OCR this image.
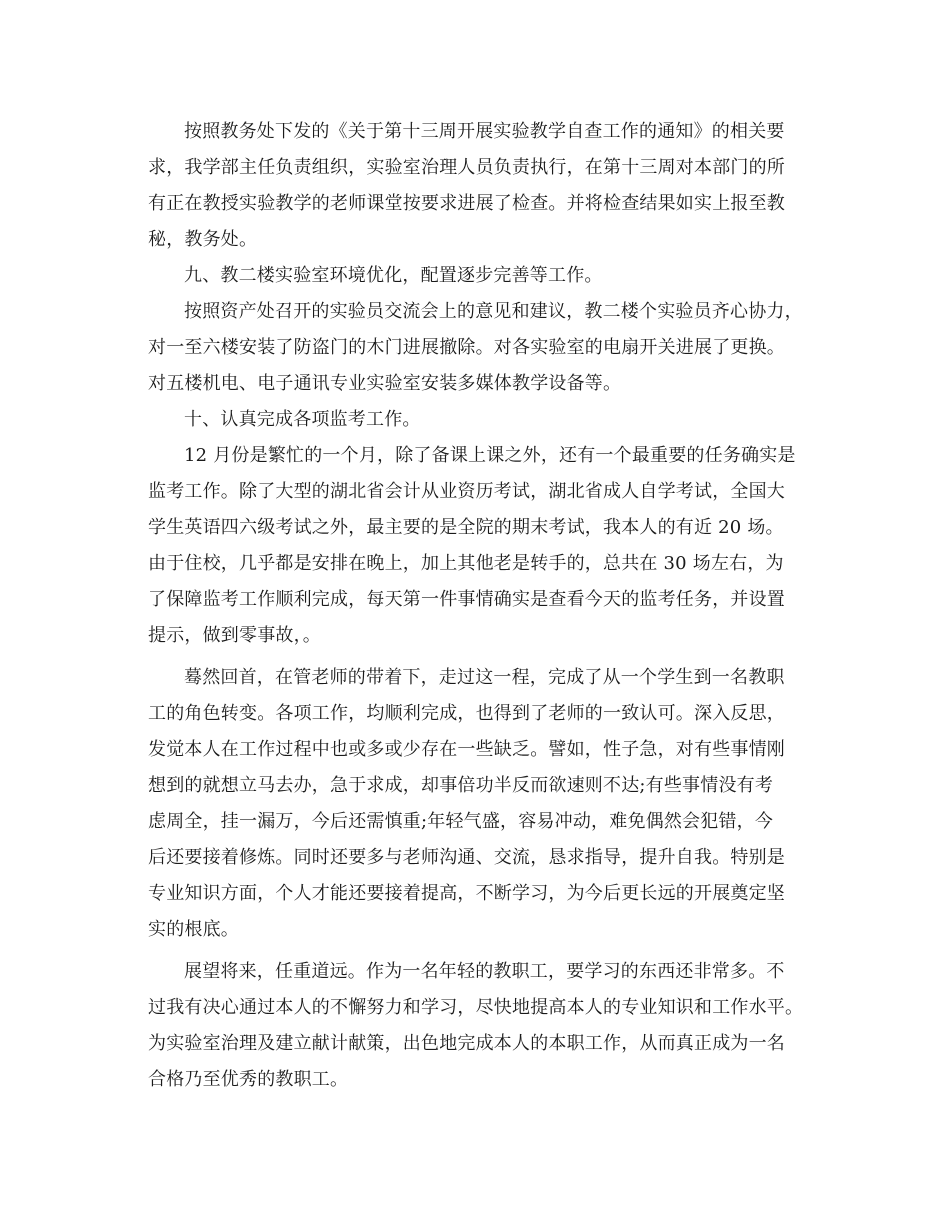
按照教务处下发的《关于第十三周开展实验教学自查工作的通知》的相关要

求，我学部主任负责组织，实验室治理人员负责执行，在第十三周对本部门的所

有正在教授实验教学的老师课堂按要求进展了检查。并将检查结果如实上报至教

秘，教务处。

九、教二楼实验室环境优化，配置逐步完善等工作。

按照资产处召开的实验员交流会上的意见和建议，教二楼个实验员齐心协力，

对一至六楼安装了防盗门的木门进展撤除。对各实验室的电扇开关进展了更换。

对五楼机电、电子通讯专业实验室安装多媒体教学设备等。

十、认真完成各项监考工作。

12 月份是繁忙的一个月，除了备课上课之外，还有一个最重要的任务确实是

监考工作。除了大型的湖北省会计从业资历考试，湖北省成人自学考试，全国大

学生英语四六级考试之外，最主要的是全院的期末考试，我本人的有近 20 场。

由于住校，几乎都是安排在晚上，加上其他老是转手的，总共在 30 场左右，为

了保障监考工作顺利完成，每天第一件事情确实是查看今天的监考任务，并设置

提示，做到零事故，。

蓦然回首，在管老师的带着下，走过这一程，完成了从一个学生到一名教职

工的角色转变。各项工作，均顺利完成，也得到了老师的一致认可。深入反思，

发觉本人在工作过程中也或多或少存在一些缺乏。譬如，性子急，对有些事情刚

想到的就想立马去办，急于求成，却事倍功半反而欲速则不达;有些事情没有考

虑周全，挂一漏万，今后还需慎重;年轻气盛，容易冲动，难免偶然会犯错，今

后还要接着修炼。同时还要多与老师沟通、交流，恳求指导，提升自我。特别是

专业知识方面，个人才能还要接着提高，不断学习，为今后更长远的开展奠定坚

实的根底。

展望将来，任重道远。作为一名年轻的教职工，要学习的东西还非常多。不

过我有决心通过本人的不懈努力和学习，尽快地提高本人的专业知识和工作水平。

为实验室治理及建立献计献策，出色地完成本人的本职工作，从而真正成为一名

合格乃至优秀的教职工。
